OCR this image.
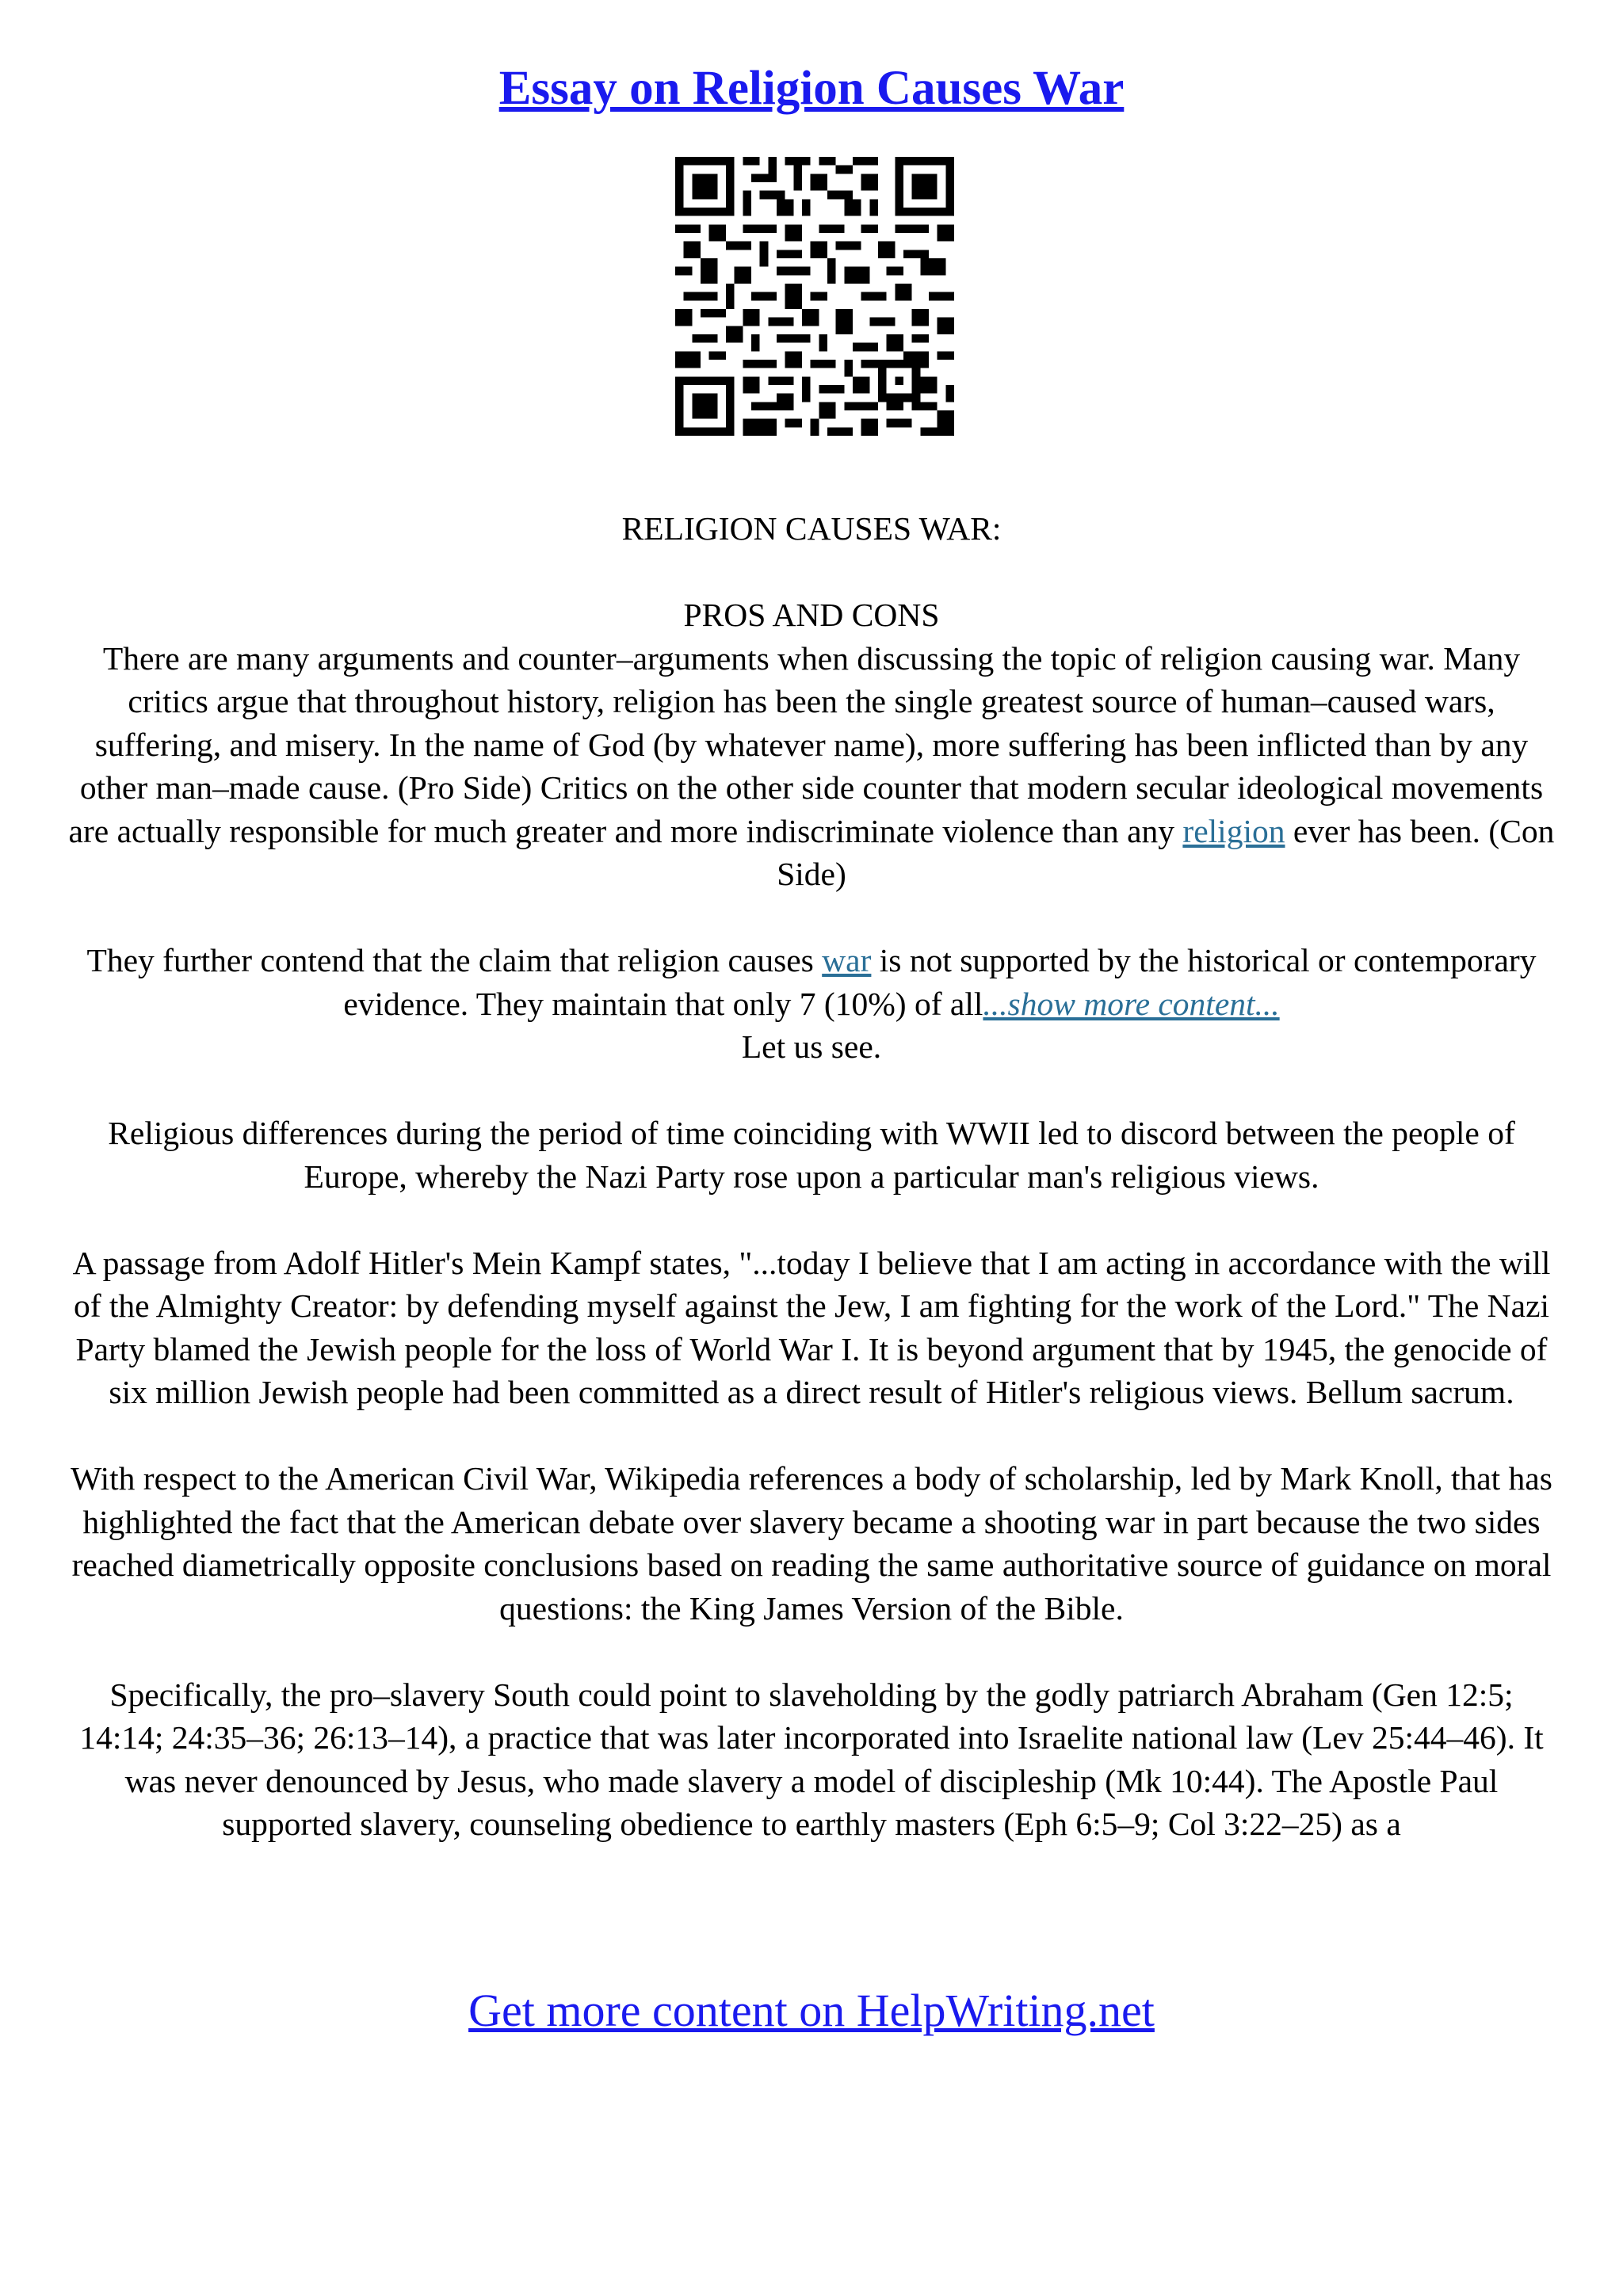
Essay on Religion Causes War

RELIGION CAUSES WAR:

PROS AND CONS

There are many arguments and counter–arguments when discussing the topic of religion causing war. Many critics argue that throughout history, religion has been the single greatest source of human–caused wars, suffering, and misery. In the name of God (by whatever name), more suffering has been inflicted than by any other man–made cause. (Pro Side) Critics on the other side counter that modern secular ideological movements are actually responsible for much greater and more indiscriminate violence than any religion ever has been. (Con Side)

They further contend that the claim that religion causes war is not supported by the historical or contemporary evidence. They maintain that only 7 (10%) of all...show more content...
Let us see.

Religious differences during the period of time coinciding with WWII led to discord between the people of Europe, whereby the Nazi Party rose upon a particular man's religious views.

A passage from Adolf Hitler's Mein Kampf states, "...today I believe that I am acting in accordance with the will of the Almighty Creator: by defending myself against the Jew, I am fighting for the work of the Lord." The Nazi Party blamed the Jewish people for the loss of World War I. It is beyond argument that by 1945, the genocide of six million Jewish people had been committed as a direct result of Hitler's religious views. Bellum sacrum.

With respect to the American Civil War, Wikipedia references a body of scholarship, led by Mark Knoll, that has highlighted the fact that the American debate over slavery became a shooting war in part because the two sides reached diametrically opposite conclusions based on reading the same authoritative source of guidance on moral questions: the King James Version of the Bible.

Specifically, the pro–slavery South could point to slaveholding by the godly patriarch Abraham (Gen 12:5; 14:14; 24:35–36; 26:13–14), a practice that was later incorporated into Israelite national law (Lev 25:44–46). It was never denounced by Jesus, who made slavery a model of discipleship (Mk 10:44). The Apostle Paul supported slavery, counseling obedience to earthly masters (Eph 6:5–9; Col 3:22–25) as a

Get more content on HelpWriting.net
